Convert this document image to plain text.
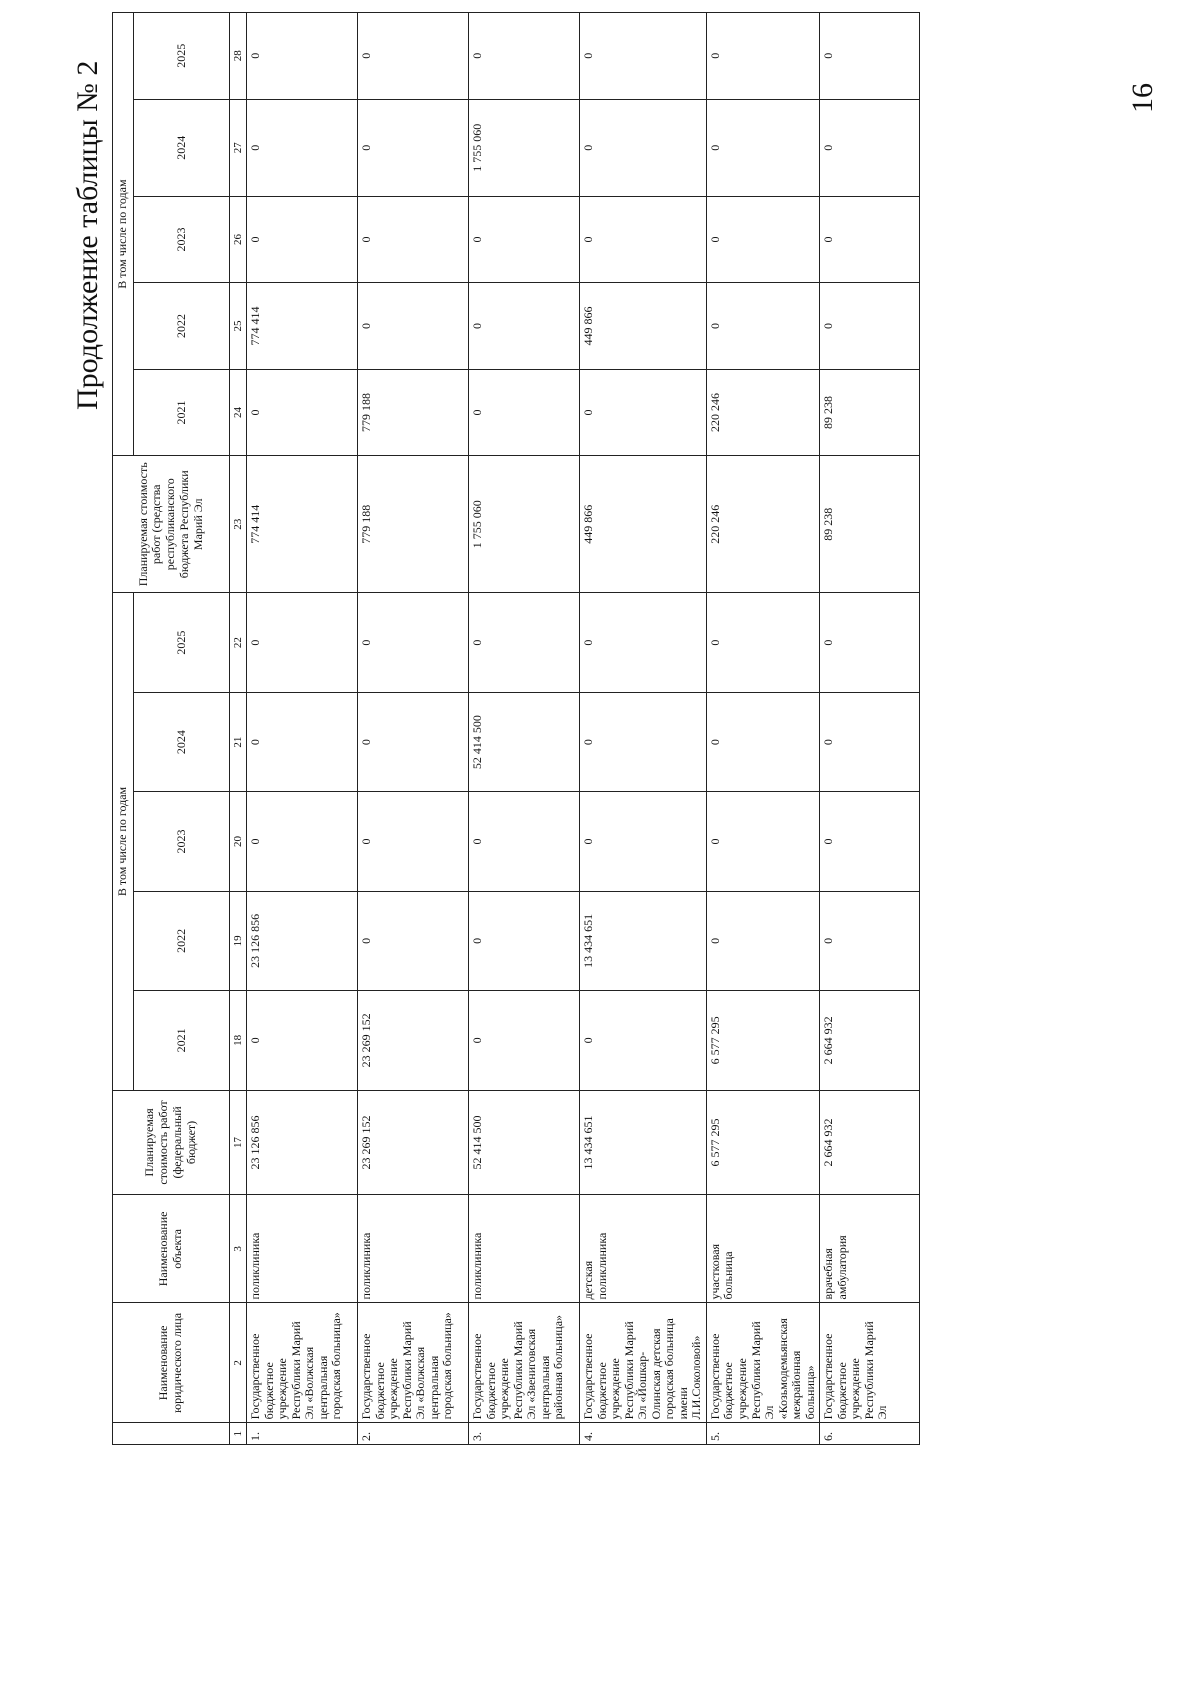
16
Продолжение таблицы № 2
	Наименование юридического лица	Наименование объекта	Планируемая стоимость работ (федеральный бюджет)	В том числе по годам					Планируемая стоимость работ (средства республиканского бюджета Республики Марий Эл	В том числе по годам				
				2021	2022	2023	2024	2025		2021	2022	2023	2024	2025
1	2	3	17	18	19	20	21	22	23	24	25	26	27	28
1.	Государственное бюджетное учреждение Республики Марий Эл «Волжская центральная городская больница»	поликлиника	23 126 856	0	23 126 856	0	0	0	774 414	0	774 414	0	0	0
2.	Государственное бюджетное учреждение Республики Марий Эл «Волжская центральная городская больница»	поликлиника	23 269 152	23 269 152	0	0	0	0	779 188	779 188	0	0	0	0
3.	Государственное бюджетное учреждение Республики Марий Эл «Звениговская центральная районная больница»	поликлиника	52 414 500	0	0	0	52 414 500	0	1 755 060	0	0	0	1 755 060	0
4.	Государственное бюджетное учреждение Республики Марий Эл «Йошкар-Олинская детская городская больница имени Л.И.Соколовой»	детская поликлиника	13 434 651	0	13 434 651	0	0	0	449 866	0	449 866	0	0	0
5.	Государственное бюджетное учреждение Республики Марий Эл «Козьмодемьянская межрайонная больница»	участковая больница	6 577 295	6 577 295	0	0	0	0	220 246	220 246	0	0	0	0
6.	Государственное бюджетное учреждение Республики Марий Эл	врачебная амбулатория	2 664 932	2 664 932	0	0	0	0	89 238	89 238	0	0	0	0
